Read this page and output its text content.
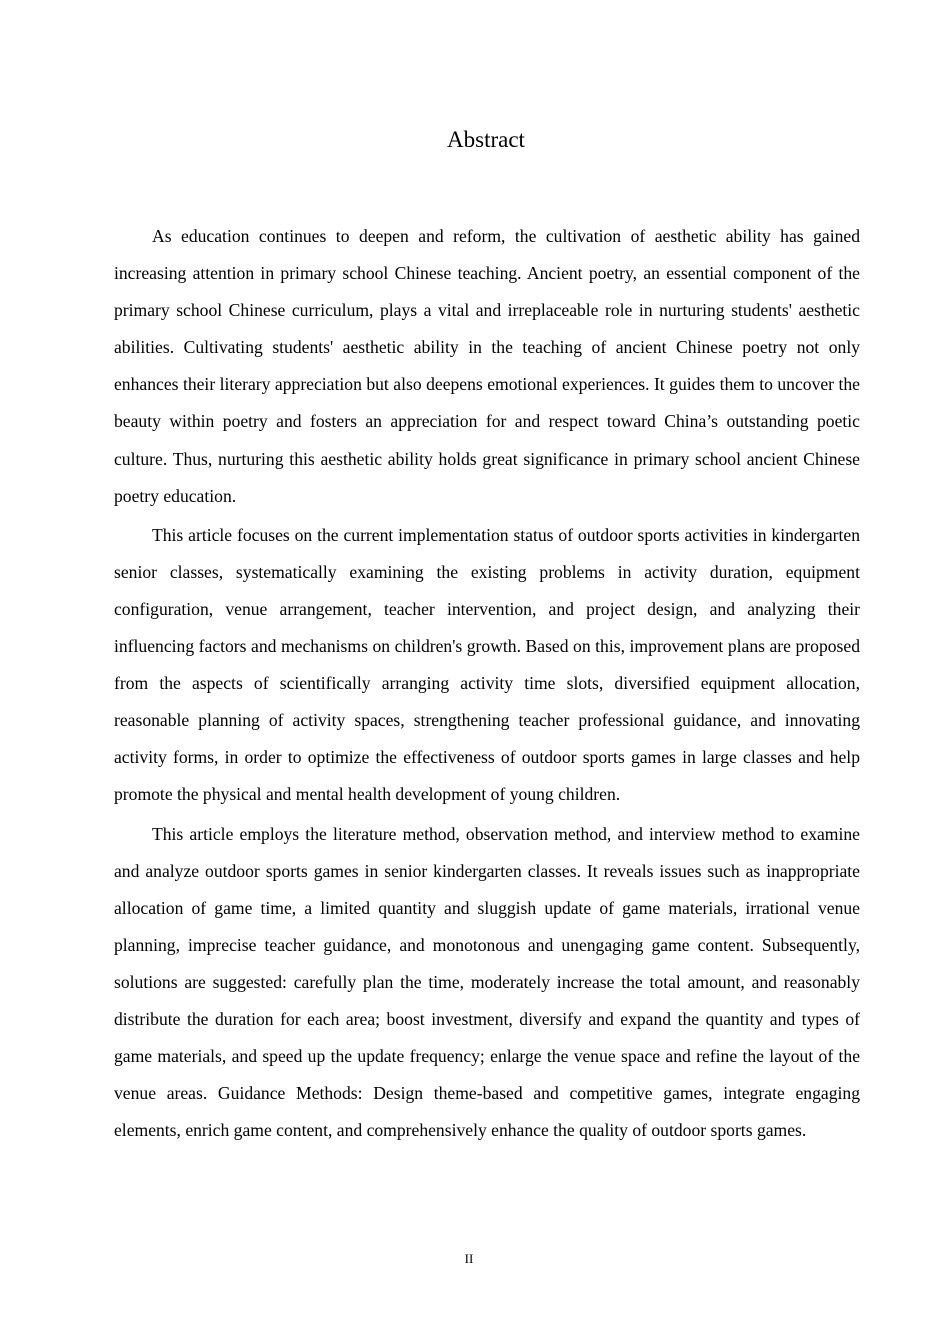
Abstract

As education continues to deepen and reform, the cultivation of aesthetic ability has gained increasing attention in primary school Chinese teaching. Ancient poetry, an essential component of the primary school Chinese curriculum, plays a vital and irreplaceable role in nurturing students' aesthetic abilities. Cultivating students' aesthetic ability in the teaching of ancient Chinese poetry not only enhances their literary appreciation but also deepens emotional experiences. It guides them to uncover the beauty within poetry and fosters an appreciation for and respect toward China’s outstanding poetic culture. Thus, nurturing this aesthetic ability holds great significance in primary school ancient Chinese poetry education.

This article focuses on the current implementation status of outdoor sports activities in kindergarten senior classes, systematically examining the existing problems in activity duration, equipment configuration, venue arrangement, teacher intervention, and project design, and analyzing their influencing factors and mechanisms on children's growth. Based on this, improvement plans are proposed from the aspects of scientifically arranging activity time slots, diversified equipment allocation, reasonable planning of activity spaces, strengthening teacher professional guidance, and innovating activity forms, in order to optimize the effectiveness of outdoor sports games in large classes and help promote the physical and mental health development of young children.

This article employs the literature method, observation method, and interview method to examine and analyze outdoor sports games in senior kindergarten classes. It reveals issues such as inappropriate allocation of game time, a limited quantity and sluggish update of game materials, irrational venue planning, imprecise teacher guidance, and monotonous and unengaging game content. Subsequently, solutions are suggested: carefully plan the time, moderately increase the total amount, and reasonably distribute the duration for each area; boost investment, diversify and expand the quantity and types of game materials, and speed up the update frequency; enlarge the venue space and refine the layout of the venue areas. Guidance Methods: Design theme-based and competitive games, integrate engaging elements, enrich game content, and comprehensively enhance the quality of outdoor sports games.

II
